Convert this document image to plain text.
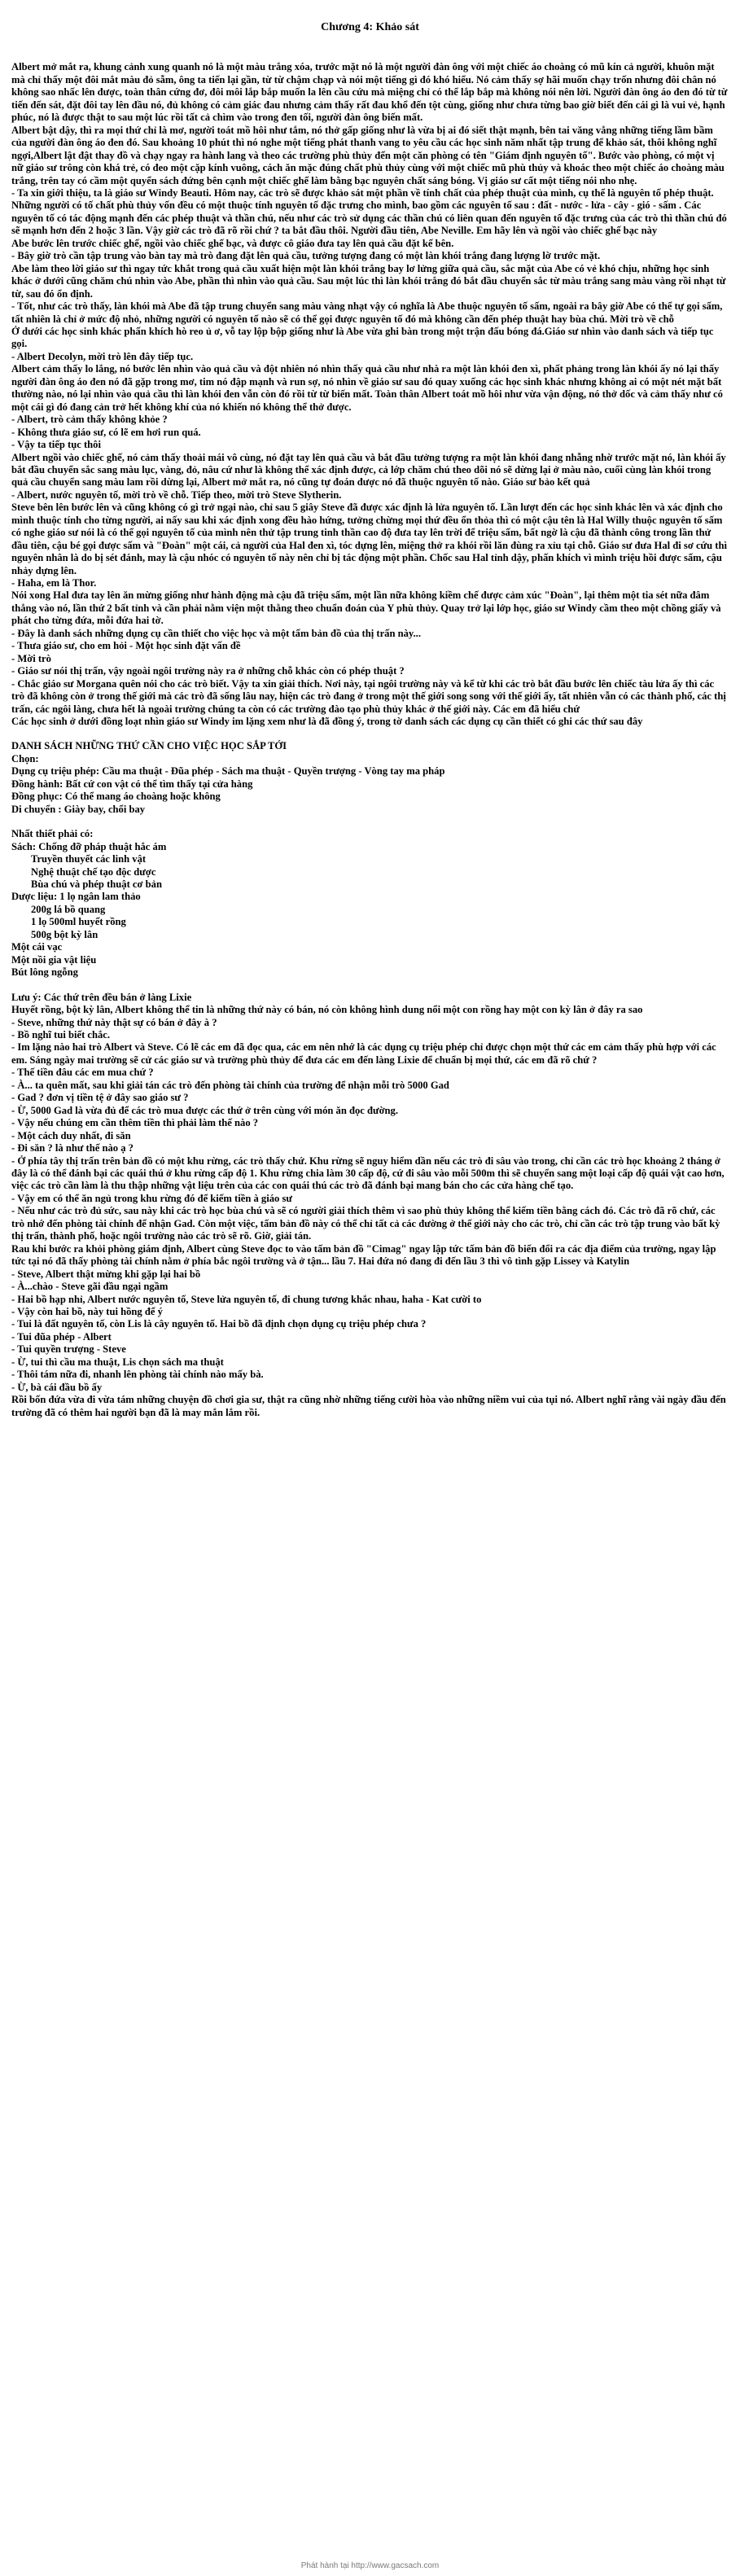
Chương 4: Khảo sát

Albert mở mắt ra, khung cảnh xung quanh nó là một màu trắng xóa, trước mặt nó là một người đàn ông với một chiếc áo choàng có mũ kín cả người, khuôn mặt mà chỉ thấy một đôi mắt màu đỏ sẫm, ông ta tiến lại gần, từ từ chậm chạp và nói một tiếng gì đó khó hiểu. Nó cảm thấy sợ hãi muốn chạy trốn nhưng đôi chân nó không sao nhấc lên được, toàn thân cứng đơ, đôi môi lắp bắp muốn la lên cầu cứu mà miệng chỉ có thể lắp bắp mà không nói nên lời. Người đàn ông áo đen đó từ từ tiến đến sát, đặt đôi tay lên đầu nó, đủ không có cảm giác đau nhưng cảm thấy rất đau khổ đến tột cùng, giống như chưa từng bao giờ biết đến cái gì là vui vẻ, hạnh phúc, nó là được thật to sau một lúc rồi tất cả chìm vào trong đen tối, người đàn ông biến mất.

Albert bật dậy, thì ra mọi thứ chỉ là mơ, người toát mồ hôi như tắm, nó thở gấp giống như là vừa bị ai đó siết thật mạnh, bên tai văng vẳng những tiếng lầm bầm của người đàn ông áo đen đó. Sau khoảng 10 phút thì nó nghe một tiếng phát thanh vang to yêu cầu các học sinh năm nhất tập trung để khảo sát, thôi không nghĩ ngợi,Albert lật đật thay đồ và chạy ngay ra hành lang và theo các trường phù thủy đến một căn phòng có tên "Giám định nguyên tố". Bước vào phòng, có một vị nữ giáo sư trông còn khá trẻ, có đeo một cặp kính vuông, cách ăn mặc đúng chất phù thủy cùng với một chiếc mũ phù thủy và khoác theo một chiếc áo choàng màu trắng, trên tay có cầm một quyển sách đứng bên cạnh một chiếc ghế làm bằng bạc nguyên chất sáng bóng. Vị giáo sư cất một tiếng nói nho nhẹ.

- Ta xin giới thiệu, ta là giáo sư Windy Beauti. Hôm nay, các trò sẽ được khảo sát một phần về tính chất của phép thuật của mình, cụ thể là nguyên tố phép thuật. Những người có tố chất phù thủy vốn đều có một thuộc tính nguyên tố đặc trưng cho mình, bao gồm các nguyên tố sau : đất - nước - lửa - cây - gió - sấm . Các nguyên tố có tác động mạnh đến các phép thuật và thần chú, nếu như các trò sử dụng các thần chú có liên quan đến nguyên tố đặc trưng của các trò thì thần chú đó sẽ mạnh hơn đến 2 hoặc 3 lần. Vậy giờ các trò đã rõ rồi chứ ? ta bắt đầu thôi. Người đầu tiên, Abe Neville. Em hãy lên và ngồi vào chiếc ghế bạc này

Abe bước lên trước chiếc ghế, ngồi vào chiếc ghế bạc, và được cô giáo đưa tay lên quả cầu đặt kế bên.

- Bây giờ trò cần tập trung vào bàn tay mà trò đang đặt lên quả cầu, tưởng tượng đang có một làn khói trắng đang lượng lờ trước mặt.

Abe làm theo lời giáo sư thì ngay tức khắt trong quả cầu xuất hiện một làn khói trắng bay lơ lửng giữa quả cầu, sắc mặt của Abe có vẻ khó chịu, những học sinh khác ở dưới cũng chăm chú nhìn vào Abe, phần thì nhìn vào quả cầu. Sau một lúc thì làn khói trắng đó bắt đầu chuyển sắc từ màu trắng sang màu vàng rồi nhạt từ từ, sau đó ổn định.

- Tốt, như các trò thấy, làn khói mà Abe đã tập trung chuyển sang màu vàng nhạt vậy có nghĩa là Abe thuộc nguyên tố sấm, ngoài ra bây giờ Abe có thể tự gọi sấm, tất nhiên là chỉ ở mức độ nhỏ, những người có nguyên tố nào sẽ có thể gọi được nguyên tố đó mà không cần đến phép thuật hay bùa chú. Mời trò về chỗ

Ở dưới các học sinh khác phấn khích hò reo ủ ơ, vỗ tay lộp bộp giống như là Abe vừa ghi bàn trong một trận đấu bóng đá.Giáo sư nhìn vào danh sách và tiếp tục gọi.

- Albert Decolyn, mời trò lên đây tiếp tục.

Albert cảm thấy lo lắng, nó bước lên nhìn vào quả cầu và đột nhiên nó nhìn thấy quả cầu như nhà ra một làn khói đen xì, phất phảng trong làn khói ấy nó lại thấy người đàn ông áo đen nó đã gặp trong mơ, tim nó đập mạnh và run sợ, nó nhìn về giáo sư sau đó quay xuống các học sinh khác nhưng không ai có một nét mặt bất thường nào, nó lại nhìn vào quả cầu thì làn khói đen vẫn còn đó rồi từ từ biến mất. Toàn thân Albert toát mồ hôi như vừa vận động, nó thở dốc và cảm thấy như có một cái gì đó đang cản trở hết không khí của nó khiến nó không thể thở được.

- Albert, trò cảm thấy không khỏe ?

- Không thưa giáo sư, có lẽ em hơi run quá.

- Vậy ta tiếp tục thôi

Albert ngồi vào chiếc ghế, nó cảm thấy thoải mái vô cùng, nó đặt tay lên quả cầu và bắt đầu tưởng tượng ra một làn khói đang nhẫng nhờ trước mặt nó, làn khói ấy bắt đầu chuyển sắc sang màu lục, vàng, đỏ, nâu cứ như là không thể xác định được, cả lớp chăm chú theo dõi nó sẽ dừng lại ở màu nào, cuối cùng làn khói trong quả cầu chuyển sang màu lam rồi dừng lại, Albert mở mắt ra, nó cũng tự đoán được nó đã thuộc nguyên tố nào. Giáo sư bảo kết quả

- Albert, nước nguyên tố, mời trò về chỗ. Tiếp theo, mời trò Steve Slytherin.

Steve bên lên bước lên và cũng không có gì trở ngại nào, chỉ sau 5 giây Steve đã được xác định là lửa nguyên tố. Lần lượt đến các học sinh khác lên và xác định cho mình thuộc tính cho từng người, ai nấy sau khi xác định xong đều hào hứng, tưởng chừng mọi thứ đều ổn thỏa thì có một cậu tên là Hal Willy thuộc nguyên tố sấm có nghe giáo sư nói là có thể gọi nguyên tố của mình nên thử tập trung tinh thần cao độ đưa tay lên trời để triệu sấm, bất ngờ là cậu đã thành công trong lần thử đầu tiên, cậu bé gọi được sấm và "Đoàn" một cái, cả người của Hal đen xì, tóc dựng lên, miệng thở ra khói rồi lăn đùng ra xỉu tại chỗ. Giáo sư đưa Hal đi sơ cứu thì nguyên nhân là do bị sét đánh, may là cậu nhóc có nguyên tố này nên chỉ bị tác động một phần. Chốc sau Hal tỉnh dậy, phấn khích vì mình triệu hồi được sấm, cậu nhảy dựng lên.

- Haha, em là Thor.

Nói xong Hal đưa tay lên ăn mừng giống như hành động mà cậu đã triệu sấm, một lần nữa không kiềm chế được cảm xúc "Đoàn", lại thêm một tia sét nữa đâm thẳng vào nó, lần thứ 2 bất tỉnh và cần phải nằm viện một thằng theo chuẩn đoán của Y phù thủy. Quay trở lại lớp học, giáo sư Windy cầm theo một chồng giấy và phát cho từng đứa, mỗi đứa hai tờ.

- Đây là danh sách những dụng cụ cần thiết cho việc học và một tấm bản đồ của thị trấn này...

- Thưa giáo sư, cho em hỏi - Một học sinh đặt vấn đề

- Mời trò

- Giáo sư nói thị trấn, vậy ngoài ngôi trường này ra ở những chỗ khác còn có phép thuật ?

- Chắc giáo sư Morgana quên nói cho các trò biết. Vậy ta xin giải thích. Nơi này, tại ngôi trường này và kể từ khi các trò bắt đầu bước lên chiếc tàu lửa ấy thì các trò đã không còn ở trong thế giới mà các trò đã sống lâu nay, hiện các trò đang ở trong một thế giới song song với thế giới ấy, tất nhiên vẫn có các thành phố, các thị trấn, các ngôi làng, chưa hết là ngoài trường chúng ta còn có các trường đào tạo phù thủy khác ở thế giới này. Các em đã hiểu chứ

Các học sinh ở dưới đồng loạt nhìn giáo sư Windy im lặng xem như là đã đồng ý, trong tờ danh sách các dụng cụ cần thiết có ghi các thứ sau đây

DANH SÁCH NHỮNG THỨ CẦN CHO VIỆC HỌC SẮP TỚI

Chọn:

Dụng cụ triệu phép: Cầu ma thuật - Đũa phép - Sách ma thuật - Quyền trượng - Vòng tay ma pháp

Đồng hành: Bất cứ con vật có thể tìm thấy tại cửa hàng

Đồng phục: Có thể mang áo choàng hoặc không

Di chuyển : Giày bay, chổi bay

Nhất thiết phải có:

Sách: Chống đỡ pháp thuật hắc ám

Truyền thuyết các linh vật

Nghệ thuật chế tạo độc dược

Bùa chú và phép thuật cơ bản

Dược liệu: 1 lọ ngân lam thảo

200g lá bồ quang

1 lọ 500ml huyết rồng

500g bột kỳ lân

Một cái vạc

Một nồi gia vật liệu

Bút lông ngỗng

Lưu ý: Các thứ trên đều bán ở làng Lixie

Huyết rồng, bột kỳ lân, Albert không thể tin là những thứ này có bán, nó còn không hình dung nổi một con rồng hay một con kỳ lân ở đây ra sao

- Steve, những thứ này thật sự có bán ở đây à ?

- Bồ nghĩ tui biết chắc.

- Im lặng nào hai trò Albert và Steve. Có lẽ các em đã đọc qua, các em nên nhớ là các dụng cụ triệu phép chỉ được chọn một thứ các em cảm thấy phù hợp với các em. Sáng ngày mai trường sẽ cử các giáo sư và trường phù thủy để đưa các em đến làng Lixie để chuẩn bị mọi thứ, các em đã rõ chứ ?

- Thế tiền đâu các em mua chứ ?

- À... ta quên mất, sau khi giải tán các trò đến phòng tài chính của trường để nhận mỗi trò 5000 Gad

- Gad ? đơn vị tiền tệ ở đây sao giáo sư ?

- Ừ, 5000 Gad là vừa đủ để các trò mua được các thứ ở trên cùng với món ăn đọc đường.

- Vậy nếu chúng em cần thêm tiền thì phải làm thế nào ?

- Một cách duy nhất, đi săn

- Đi săn ? là như thế nào ạ ?

- Ở phía tây thị trấn trên bản đồ có một khu rừng, các trò thấy chứ. Khu rừng sẽ nguy hiểm dần nếu các trò đi sâu vào trong, chỉ cần các trò học khoảng 2 tháng ở đây là có thể đánh bại các quái thú ở khu rừng cấp độ 1. Khu rừng chia làm 30 cấp độ, cứ đi sâu vào mỗi 500m thì sẽ chuyển sang một loại cấp độ quái vật cao hơn, việc các trò cần làm là thu thập những vật liệu trên của các con quái thú các trò đã đánh bại mang bán cho các cửa hàng chế tạo.

- Vậy em có thể ăn ngủ trong khu rừng đó để kiếm tiền à giáo sư

- Nếu như các trò đủ sức, sau này khi các trò học bùa chú và sẽ có người giải thích thêm vì sao phù thủy không thể kiếm tiền bằng cách đó. Các trò đã rõ chứ, các trò nhớ đến phòng tài chính để nhận Gad. Còn một việc, tấm bản đồ này có thể chỉ tất cả các đường ở thế giới này cho các trò, chỉ cần các trò tập trung vào bất kỳ thị trấn, thành phố, hoặc ngôi trường nào các trò sẽ rõ. Giờ, giải tán.

Rau khi bước ra khỏi phòng giám định, Albert cùng Steve đọc to vào tấm bản đồ "Cimag" ngay lập tức tấm bản đồ biến đổi ra các địa điểm của trường, ngay lập tức tại nó đã thấy phòng tài chính nằm ở phía bắc ngôi trường và ở tận... lầu 7. Hai đứa nó đang đi đến lầu 3 thì vô tình gặp Lissey và Katylin

- Steve, Albert thật mừng khi gặp lại hai bồ

- À...chào - Steve gãi đầu ngại ngầm

- Hai bồ hạp nhỉ, Albert nước nguyên tố, Steve lửa nguyên tố, đi chung tương khắc nhau, haha - Kat cười to

- Vậy còn hai bồ, này tui hồng để ý

- Tui là đất nguyên tố, còn Lis là cây nguyên tố. Hai bồ đã định chọn dụng cụ triệu phép chưa ?

- Tui đũa phép - Albert

- Tui quyền trượng - Steve

- Ừ, tui thì cầu ma thuật, Lis chọn sách ma thuật

- Thôi tám nữa đi, nhanh lên phòng tài chính nào mấy bà.

- Ừ, bà cái đầu bồ ấy

Rồi bốn đứa vừa đi vừa tám những chuyện đồ chơi gia sư, thật ra cũng nhờ những tiếng cười hòa vào những niềm vui của tụi nó. Albert nghĩ rằng vài ngày đầu đến trường đã có thêm hai người bạn đã là may mắn lắm rồi.

Phát hành tại http://www.gacsach.com
